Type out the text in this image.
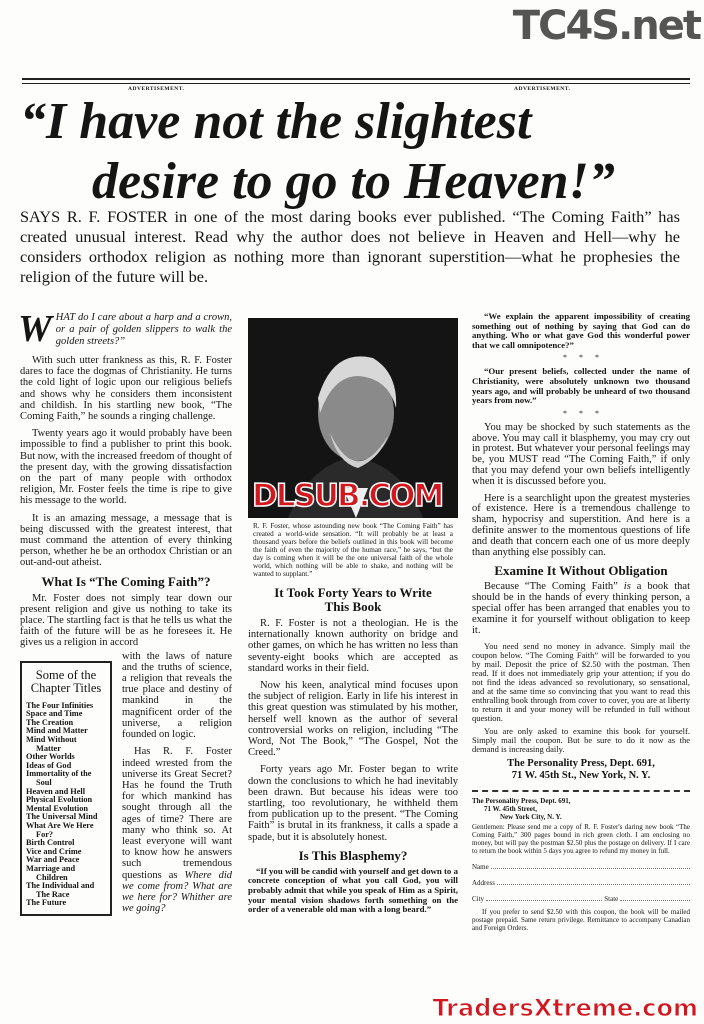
ADVERTISEMENT.	ADVERTISEMENT.
“I have not the slightest
desire to go to Heaven!”
SAYS R. F. FOSTER in one of the most daring books ever published. “The Coming Faith” has created unusual interest. Read why the author does not believe in Heaven and Hell—why he considers orthodox religion as nothing more than ignorant superstition—what he prophesies the religion of the future will be.
W HAT do I care about a harp and a crown, or a pair of golden slippers to walk the golden streets?”

With such utter frankness as this, R. F. Foster dares to face the dogmas of Christianity. He turns the cold light of logic upon our religious beliefs and shows why he considers them inconsistent and childish. In his startling new book, “The Coming Faith,” he sounds a ringing challenge.

Twenty years ago it would probably have been impossible to find a publisher to print this book. But now, with the increased freedom of thought of the present day, with the growing dissatisfaction on the part of many people with orthodox religion, Mr. Foster feels the time is ripe to give his message to the world.

It is an amazing message, a message that is being discussed with the greatest interest, that must command the attention of every thinking person, whether he be an orthodox Christian or an out-and-out atheist.

What Is “The Coming Faith”?

Mr. Foster does not simply tear down our present religion and give us nothing to take its place. The startling fact is that he tells us what the faith of the future will be as he foresees it. He gives us a religion in accord

Some of the Chapter Titles
The Four Infinities
Space and Time
The Creation
Mind and Matter
Mind Without
Matter
Other Worlds
Ideas of God
Immortality of the
Soul
Heaven and Hell
Physical Evolution
Mental Evolution
The Universal Mind
What Are We Here
For?
Birth Control
Vice and Crime
War and Peace
Marriage and
Children
The Individual and
The Race
The Future

with the laws of nature and the truths of science, a religion that reveals the true place and destiny of mankind in the magnificent order of the universe, a religion founded on logic.

Has R. F. Foster indeed wrested from the universe its Great Secret? Has he found the Truth for which mankind has sought through all the ages of time? There are many who think so. At least everyone will want to know how he answers such tremendous questions as Where did we come from? What are we here for? Whither are we going?

R. F. Foster, whose astounding new book “The Coming Faith” has created a world-wide sensation. “It will probably be at least a thousand years before the beliefs outlined in this book will become the faith of even the majority of the human race,” he says, “but the day is coming when it will be the one universal faith of the whole world, which nothing will be able to shake, and nothing will be wanted to supplant.”
It Took Forty Years to Write This Book

R. F. Foster is not a theologian. He is the internationally known authority on bridge and other games, on which he has written no less than seventy-eight books which are accepted as standard works in their field.

Now his keen, analytical mind focuses upon the subject of religion. Early in life his interest in this great question was stimulated by his mother, herself well known as the author of several controversial works on religion, including “The Word, Not The Book,” “The Gospel, Not the Creed.”

Forty years ago Mr. Foster began to write down the conclusions to which he had inevitably been drawn. But because his ideas were too startling, too revolutionary, he withheld them from publication up to the present. “The Coming Faith” is brutal in its frankness, it calls a spade a spade, but it is absolutely honest.

Is This Blasphemy?

“If you will be candid with yourself and get down to a concrete conception of what you call God, you will probably admit that while you speak of Him as a Spirit, your mental vision shadows forth something on the order of a venerable old man with a long beard.”

“We explain the apparent impossibility of creating something out of nothing by saying that God can do anything. Who or what gave God this wonderful power that we call omnipotence?”

*      *      *

“Our present beliefs, collected under the name of Christianity, were absolutely unknown two thousand years ago, and will probably be unheard of two thousand years from now.”

*      *      *

You may be shocked by such statements as the above. You may call it blasphemy, you may cry out in protest. But whatever your personal feelings may be, you MUST read “The Coming Faith,” if only that you may defend your own beliefs intelligently when it is discussed before you.

Here is a searchlight upon the greatest mysteries of existence. Here is a tremendous challenge to sham, hypocrisy and superstition. And here is a definite answer to the momentous questions of life and death that concern each one of us more deeply than anything else possibly can.

Examine It Without Obligation

Because “The Coming Faith” is a book that should be in the hands of every thinking person, a special offer has been arranged that enables you to examine it for yourself without obligation to keep it.

You need send no money in advance. Simply mail the coupon below. “The Coming Faith” will be forwarded to you by mail. Deposit the price of $2.50 with the postman. Then read. If it does not immediately grip your attention; if you do not find the ideas advanced so revolutionary, so sensational, and at the same time so convincing that you want to read this enthralling book through from cover to cover, you are at liberty to return it and your money will be refunded in full without question.

You are only asked to examine this book for yourself. Simply mail the coupon. But be sure to do it now as the demand is increasing daily.

The Personality Press, Dept. 691,
71 W. 45th St., New York, N. Y.
The Personality Press, Dept. 691,
71 W. 45th Street,
New York City, N. Y.
Gentlemen: Please send me a copy of R. F. Foster's daring new book “The Coming Faith,” 300 pages bound in rich green cloth. I am enclosing no money, but will pay the postman $2.50 plus the postage on delivery. If I care to return the book within 5 days you agree to refund my money in full.
Name
Address
City	State
If you prefer to send $2.50 with this coupon, the book will be mailed postage prepaid. Same return privilege. Remittance to accompany Canadian and Foreign Orders.
TC4S.net
DLSUB.COM
TradersXtreme.com
